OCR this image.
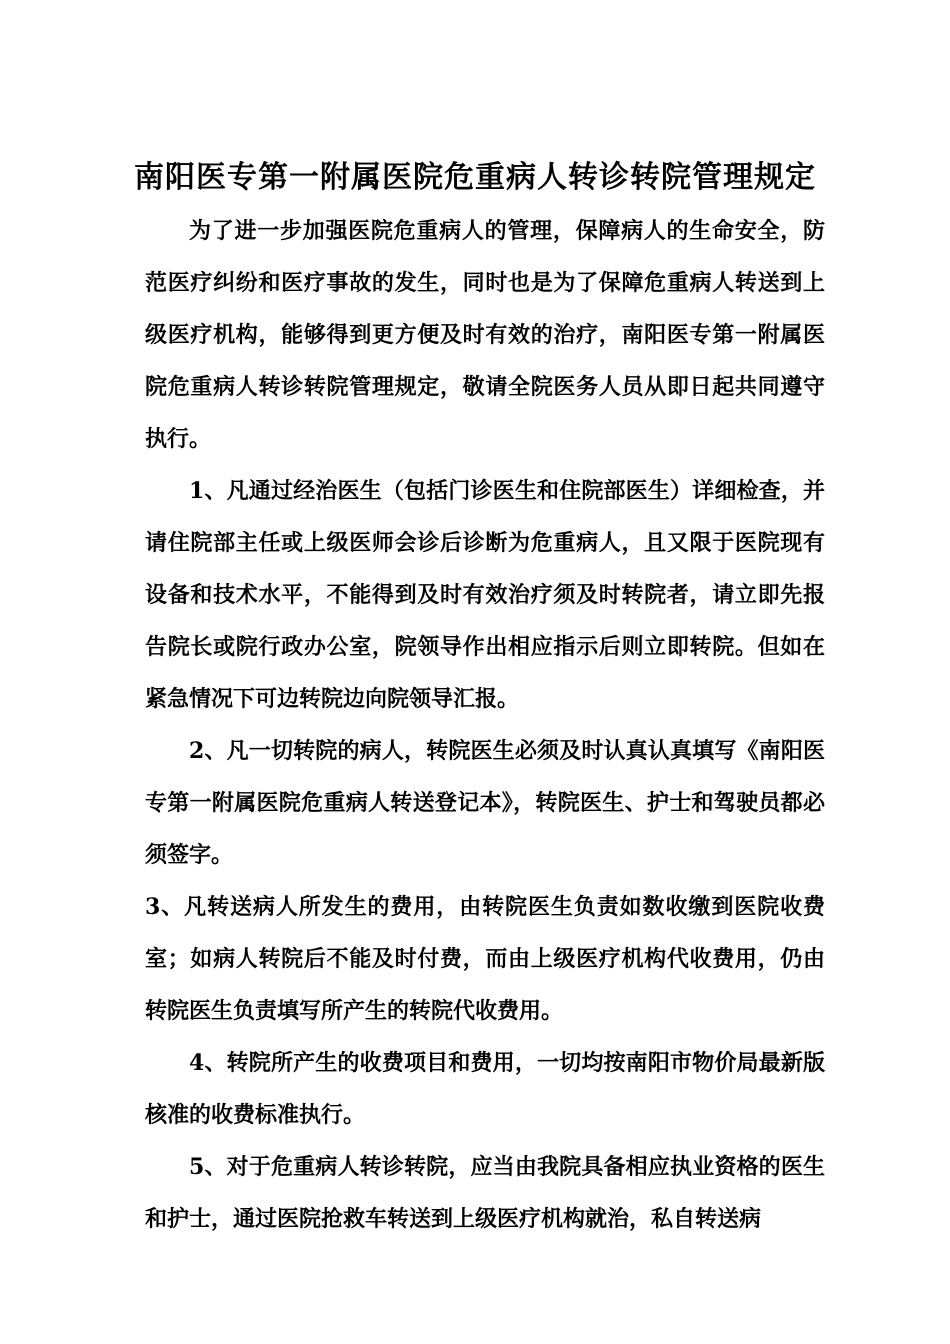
南阳医专第一附属医院危重病人转诊转院管理规定

为了进一步加强医院危重病人的管理，保障病人的生命安全，防范医疗纠纷和医疗事故的发生，同时也是为了保障危重病人转送到上级医疗机构，能够得到更方便及时有效的治疗，南阳医专第一附属医院危重病人转诊转院管理规定，敬请全院医务人员从即日起共同遵守执行。

1、凡通过经治医生（包括门诊医生和住院部医生）详细检查，并请住院部主任或上级医师会诊后诊断为危重病人，且又限于医院现有设备和技术水平，不能得到及时有效治疗须及时转院者，请立即先报告院长或院行政办公室，院领导作出相应指示后则立即转院。但如在紧急情况下可边转院边向院领导汇报。

2、凡一切转院的病人，转院医生必须及时认真认真填写《南阳医专第一附属医院危重病人转送登记本》，转院医生、护士和驾驶员都必须签字。

3、凡转送病人所发生的费用，由转院医生负责如数收缴到医院收费室；如病人转院后不能及时付费，而由上级医疗机构代收费用，仍由转院医生负责填写所产生的转院代收费用。

4、转院所产生的收费项目和费用，一切均按南阳市物价局最新版核准的收费标准执行。

5、对于危重病人转诊转院，应当由我院具备相应执业资格的医生和护士，通过医院抢救车转送到上级医疗机构就治，私自转送病
